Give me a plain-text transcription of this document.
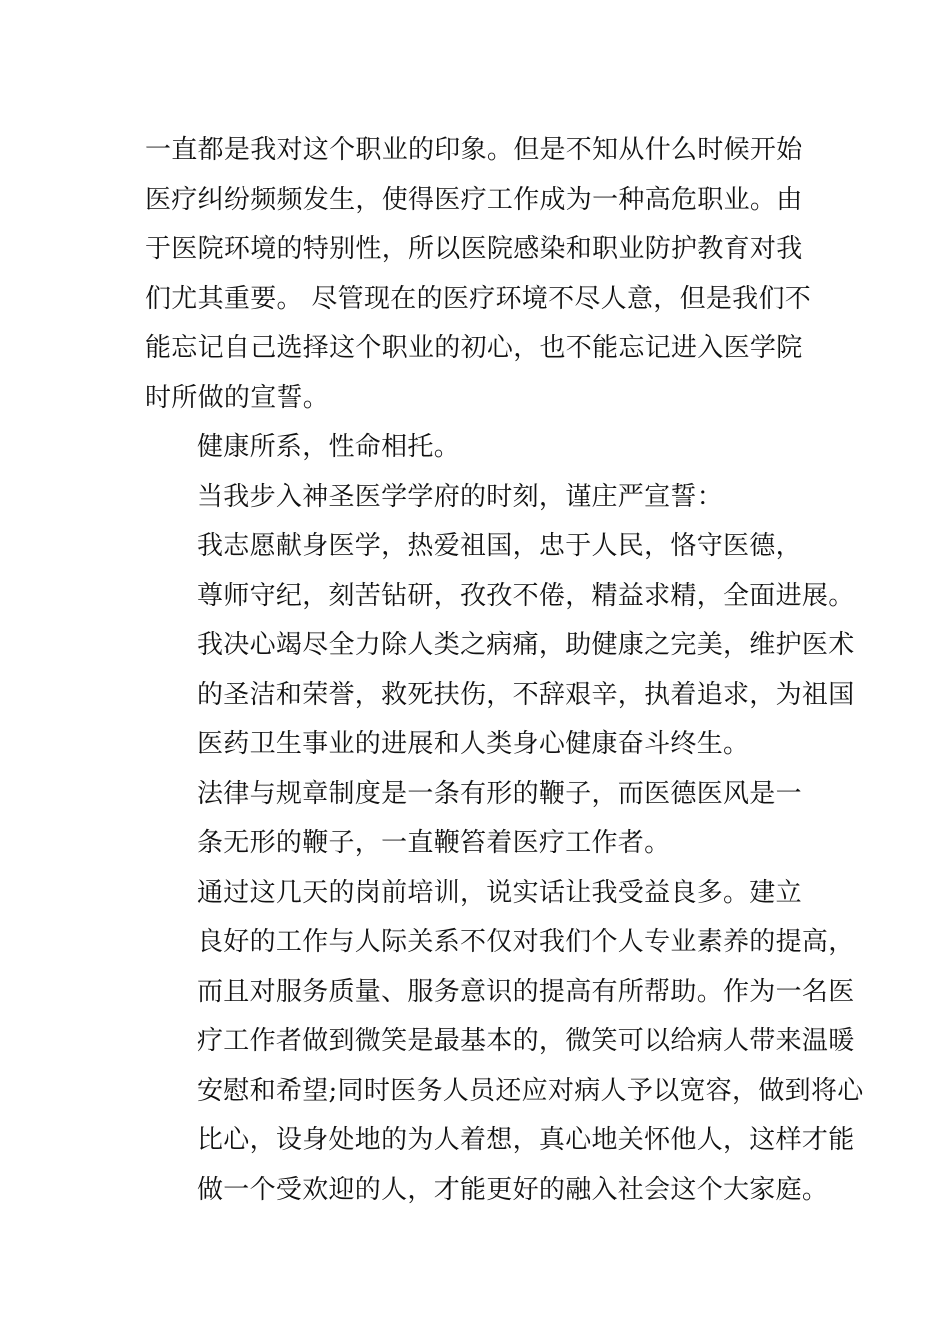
一直都是我对这个职业的印象。但是不知从什么时候开始
医疗纠纷频频发生，使得医疗工作成为一种高危职业。由
于医院环境的特别性，所以医院感染和职业防护教育对我
们尤其重要。 尽管现在的医疗环境不尽人意，但是我们不
能忘记自己选择这个职业的初心，也不能忘记进入医学院
时所做的宣誓。

健康所系，性命相托。

当我步入神圣医学学府的时刻，谨庄严宣誓：

我志愿献身医学，热爱祖国，忠于人民，恪守医德，
尊师守纪，刻苦钻研，孜孜不倦，精益求精，全面进展。
我决心竭尽全力除人类之病痛，助健康之完美，维护医术
的圣洁和荣誉，救死扶伤，不辞艰辛，执着追求，为祖国
医药卫生事业的进展和人类身心健康奋斗终生。

法律与规章制度是一条有形的鞭子，而医德医风是一
条无形的鞭子，一直鞭笞着医疗工作者。

通过这几天的岗前培训，说实话让我受益良多。建立
良好的工作与人际关系不仅对我们个人专业素养的提高，
而且对服务质量、服务意识的提高有所帮助。作为一名医
疗工作者做到微笑是最基本的，微笑可以给病人带来温暖
安慰和希望;同时医务人员还应对病人予以宽容，做到将心
比心，设身处地的为人着想，真心地关怀他人，这样才能
做一个受欢迎的人，才能更好的融入社会这个大家庭。
